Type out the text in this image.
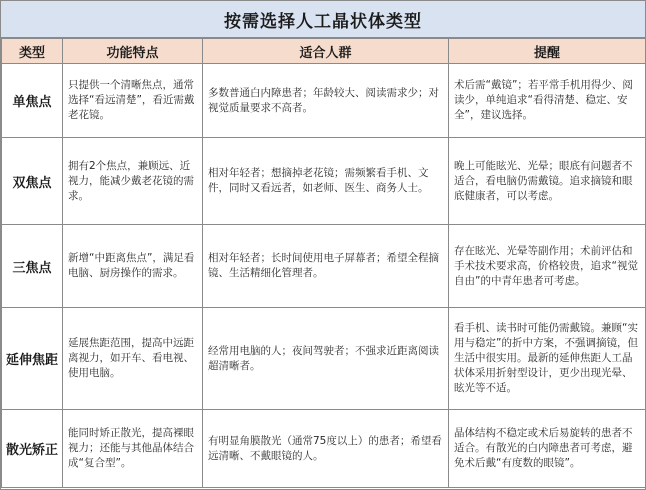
按需选择人工晶状体类型
类型	功能特点	适合人群	提醒
单焦点	只提供一个清晰焦点，通常选择“看远清楚”，看近需戴老花镜。	多数普通白内障患者；年龄较大、阅读需求少；对视觉质量要求不高者。	术后需“戴镜”；若平常手机用得少、阅读少，单纯追求“看得清楚、稳定、安全”，建议选择。
双焦点	拥有2个焦点，兼顾远、近视力，能减少戴老花镜的需求。	相对年轻者；想摘掉老花镜；需频繁看手机、文件，同时又看远者，如老师、医生、商务人士。	晚上可能眩光、光晕；眼底有问题者不适合，看电脑仍需戴镜。追求摘镜和眼底健康者，可以考虑。
三焦点	新增“中距离焦点”，满足看电脑、厨房操作的需求。	相对年轻者；长时间使用电子屏幕者；希望全程摘镜、生活精细化管理者。	存在眩光、光晕等副作用；术前评估和手术技术要求高，价格较贵，追求“视觉自由”的中青年患者可考虑。
延伸焦距	延展焦距范围，提高中远距离视力，如开车、看电视、使用电脑。	经常用电脑的人；夜间驾驶者；不强求近距离阅读超清晰者。	看手机、读书时可能仍需戴镜。兼顾“实用与稳定”的折中方案，不强调摘镜，但生活中很实用。最新的延伸焦距人工晶状体采用折射型设计，更少出现光晕、眩光等不适。
散光矫正	能同时矫正散光，提高裸眼视力；还能与其他晶体结合成“复合型”。	有明显角膜散光（通常75度以上）的患者；希望看远清晰、不戴眼镜的人。	晶体结构不稳定或术后易旋转的患者不适合。有散光的白内障患者可考虑，避免术后戴“有度数的眼镜”。
